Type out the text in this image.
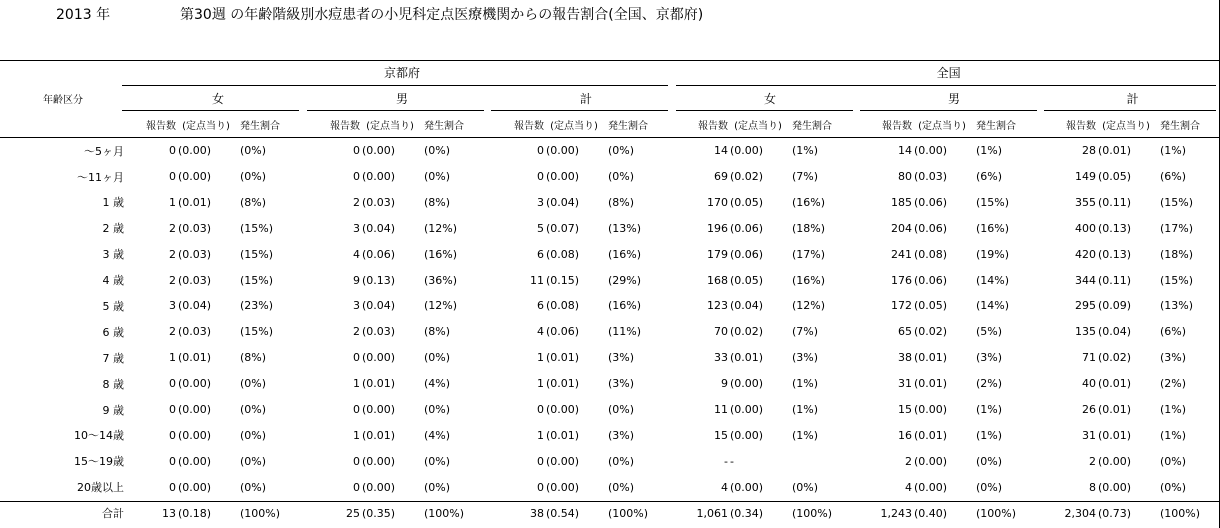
2013 年	第30週 の年齢階級別水痘患者の小児科定点医療機関からの報告割合(全国、京都府)
年齢区分	京都府									全国								
	女			男			計			女			男			計		
	報告数	(定点当り)	発生割合	報告数	(定点当り)	発生割合	報告数	(定点当り)	発生割合	報告数	(定点当り)	発生割合	報告数	(定点当り)	発生割合	報告数	(定点当り)	発生割合
～5ヶ月	0	(0.00)	(0%)	0	(0.00)	(0%)	0	(0.00)	(0%)	14	(0.00)	(1%)	14	(0.00)	(1%)	28	(0.01)	(1%)
～11ヶ月	0	(0.00)	(0%)	0	(0.00)	(0%)	0	(0.00)	(0%)	69	(0.02)	(7%)	80	(0.03)	(6%)	149	(0.05)	(6%)
1 歳	1	(0.01)	(8%)	2	(0.03)	(8%)	3	(0.04)	(8%)	170	(0.05)	(16%)	185	(0.06)	(15%)	355	(0.11)	(15%)
2 歳	2	(0.03)	(15%)	3	(0.04)	(12%)	5	(0.07)	(13%)	196	(0.06)	(18%)	204	(0.06)	(16%)	400	(0.13)	(17%)
3 歳	2	(0.03)	(15%)	4	(0.06)	(16%)	6	(0.08)	(16%)	179	(0.06)	(17%)	241	(0.08)	(19%)	420	(0.13)	(18%)
4 歳	2	(0.03)	(15%)	9	(0.13)	(36%)	11	(0.15)	(29%)	168	(0.05)	(16%)	176	(0.06)	(14%)	344	(0.11)	(15%)
5 歳	3	(0.04)	(23%)	3	(0.04)	(12%)	6	(0.08)	(16%)	123	(0.04)	(12%)	172	(0.05)	(14%)	295	(0.09)	(13%)
6 歳	2	(0.03)	(15%)	2	(0.03)	(8%)	4	(0.06)	(11%)	70	(0.02)	(7%)	65	(0.02)	(5%)	135	(0.04)	(6%)
7 歳	1	(0.01)	(8%)	0	(0.00)	(0%)	1	(0.01)	(3%)	33	(0.01)	(3%)	38	(0.01)	(3%)	71	(0.02)	(3%)
8 歳	0	(0.00)	(0%)	1	(0.01)	(4%)	1	(0.01)	(3%)	9	(0.00)	(1%)	31	(0.01)	(2%)	40	(0.01)	(2%)
9 歳	0	(0.00)	(0%)	0	(0.00)	(0%)	0	(0.00)	(0%)	11	(0.00)	(1%)	15	(0.00)	(1%)	26	(0.01)	(1%)
10～14歳	0	(0.00)	(0%)	1	(0.01)	(4%)	1	(0.01)	(3%)	15	(0.00)	(1%)	16	(0.01)	(1%)	31	(0.01)	(1%)
15～19歳	0	(0.00)	(0%)	0	(0.00)	(0%)	0	(0.00)	(0%)	-	-		2	(0.00)	(0%)	2	(0.00)	(0%)
20歳以上	0	(0.00)	(0%)	0	(0.00)	(0%)	0	(0.00)	(0%)	4	(0.00)	(0%)	4	(0.00)	(0%)	8	(0.00)	(0%)
合計	13	(0.18)	(100%)	25	(0.35)	(100%)	38	(0.54)	(100%)	1,061	(0.34)	(100%)	1,243	(0.40)	(100%)	2,304	(0.73)	(100%)
